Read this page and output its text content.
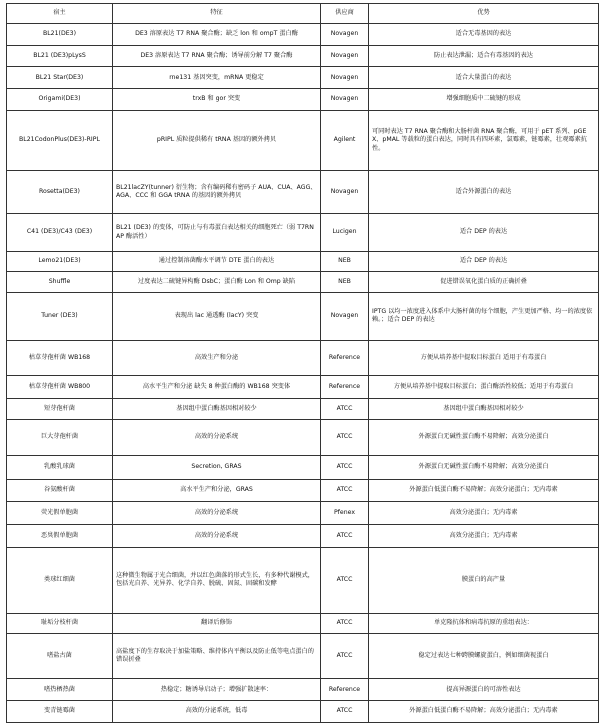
宿主	特征	供应商	优势
BL21(DE3)	DE3 溶原表达 T7 RNA 聚合酶；缺乏 lon 和 ompT 蛋白酶	Novagen	适合无毒基因的表达
BL21 (DE3)pLysS	DE3 溶原表达 T7 RNA 聚合酶；诱导前分解 T7 聚合酶	Novagen	防止表达泄漏；适合有毒基因的表达
BL21 Star(DE3)	rne131 基因突变，mRNA 更稳定	Novagen	适合大量蛋白的表达
Origami(DE3)	trxB 和 gor 突变	Novagen	增强细胞质中二硫键的形成
BL21CodonPlus(DE3)-RIPL	pRIPL 质粒提供稀有 tRNA 基因的额外拷贝	Agilent	可同时表达 T7 RNA 聚合酶和大肠杆菌 RNA 聚合酶，可用于 pET 系列、pGEX、pMAL 等载粒的蛋白表达，同时具有四环素，氯霉素，链霉素，壮观霉素抗性。
Rosetta(DE3)	BL21lacZY(tunner) 衍生物；含有编码稀有密码子 AUA、CUA、AGG、AGA、CCC 和 GGA tRNA 的基因的额外拷贝	Novagen	适合外源蛋白的表达
C41 (DE3)/C43 (DE3)	BL21 (DE3) 的变体，可防止与有毒蛋白表达相关的细胞死亡（弱 T7RNAP 酶活性）	Lucigen	适合 DEP 的表达
Lemo21(DE3)	通过控制溶菌酶水平调节 DTE 蛋白的表达	NEB	适合 DEP 的表达
Shuffle	过度表达二硫键异构酶 DsbC；蛋白酶 Lon 和 Omp 缺陷	NEB	促进错误氧化蛋白质的正确折叠
Tuner (DE3)	表现出 lac 通透酶 (lacY) 突变	Novagen	IPTG 以均一浓度进入体系中大肠杆菌的每个细胞，产生更加严格、均一的浓度依赖。；适合 DEP 的表达
枯草芽孢杆菌 WB168	高效生产和分泌	Reference	方便从培养基中提取目标蛋白 适用于有毒蛋白
枯草芽孢杆菌 WB800	高水平生产和分泌 缺失 8 种蛋白酶的 WB168 突变体	Reference	方便从培养基中提取目标蛋白；蛋白酶活性较低；适用于有毒蛋白
短芽孢杆菌	基因组中蛋白酶基因相对较少	ATCC	基因组中蛋白酶基因相对较少
巨大芽孢杆菌	高效的分泌系统	ATCC	外源蛋白无碱性蛋白酶不易降解；高效分泌蛋白
乳酸乳球菌	Secretion, GRAS	ATCC	外源蛋白无碱性蛋白酶不易降解；高效分泌蛋白
谷氨酸杆菌	高水平生产和分泌，GRAS	ATCC	外源蛋白低蛋白酶不易降解；高效分泌蛋白；无内毒素
荧光假单胞菌	高效的分泌系统	Pfenex	高效分泌蛋白；无内毒素
恶臭假单胞菌	高效的分泌系统	ATCC	高效分泌蛋白；无内毒素
类球红细菌	这种微生物属于光合细菌，并以红色菌落的形式生长，有多种代谢模式，包括光自养、光异养、化学自养、脱硫、固氮、固碳和发酵	ATCC	膜蛋白的高产量
耻垢分枝杆菌	翻译后修饰	ATCC	单克隆抗体和病毒抗原的重组表达：
嗜盐古菌	高盐度下的生存取决于加盐策略、维持体内平衡以及防止低等电点蛋白的错误折叠	ATCC	稳定过表达七种跨膜螺旋蛋白，例如细菌视蛋白
嗜热栖热菌	热稳定；糖诱导启动子；增强扩散速率：	Reference	提高异源蛋白的可溶性表达
变青链霉菌	高效的分泌系统，低毒	ATCC	外源蛋白低蛋白酶不易降解；高效分泌蛋白；无内毒素
